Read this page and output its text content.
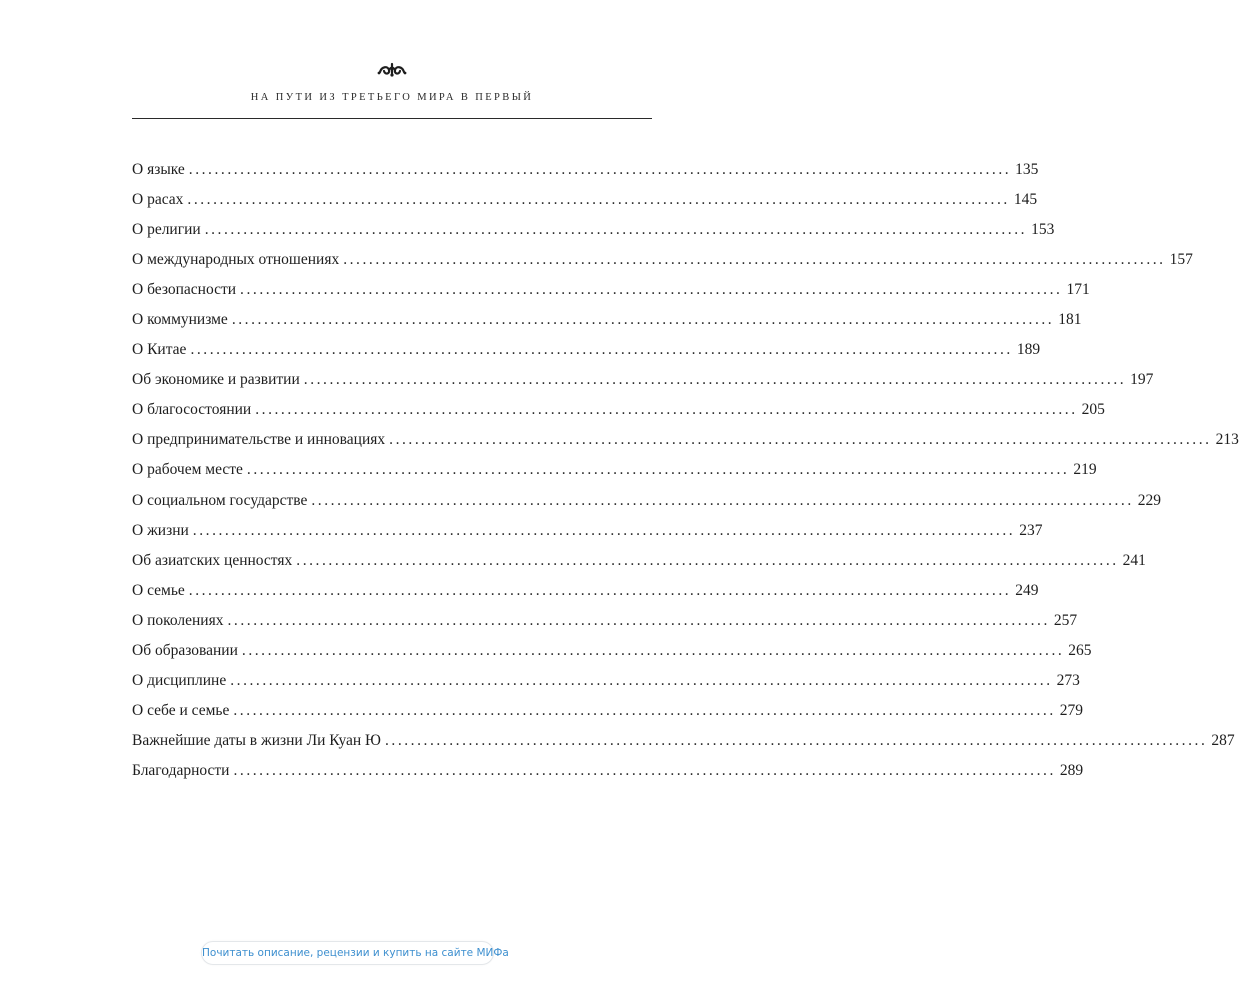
НА ПУТИ ИЗ ТРЕТЬЕГО МИРА В ПЕРВЫЙ
О языке ................................................................................................................................ 135
О расах ................................................................................................................................ 145
О религии ................................................................................................................................ 153
О международных отношениях ................................................................................................................................ 157
О безопасности ................................................................................................................................ 171
О коммунизме ................................................................................................................................ 181
О Китае ................................................................................................................................ 189
Об экономике и развитии ................................................................................................................................ 197
О благосостоянии ................................................................................................................................ 205
О предпринимательстве и инновациях ................................................................................................................................ 213
О рабочем месте ................................................................................................................................ 219
О социальном государстве ................................................................................................................................ 229
О жизни ................................................................................................................................ 237
Об азиатских ценностях ................................................................................................................................ 241
О семье ................................................................................................................................ 249
О поколениях ................................................................................................................................ 257
Об образовании ................................................................................................................................ 265
О дисциплине ................................................................................................................................ 273
О себе и семье ................................................................................................................................ 279
Важнейшие даты в жизни Ли Куан Ю ................................................................................................................................ 287
Благодарности ................................................................................................................................ 289
Почитать описание, рецензии и купить на сайте МИФа
